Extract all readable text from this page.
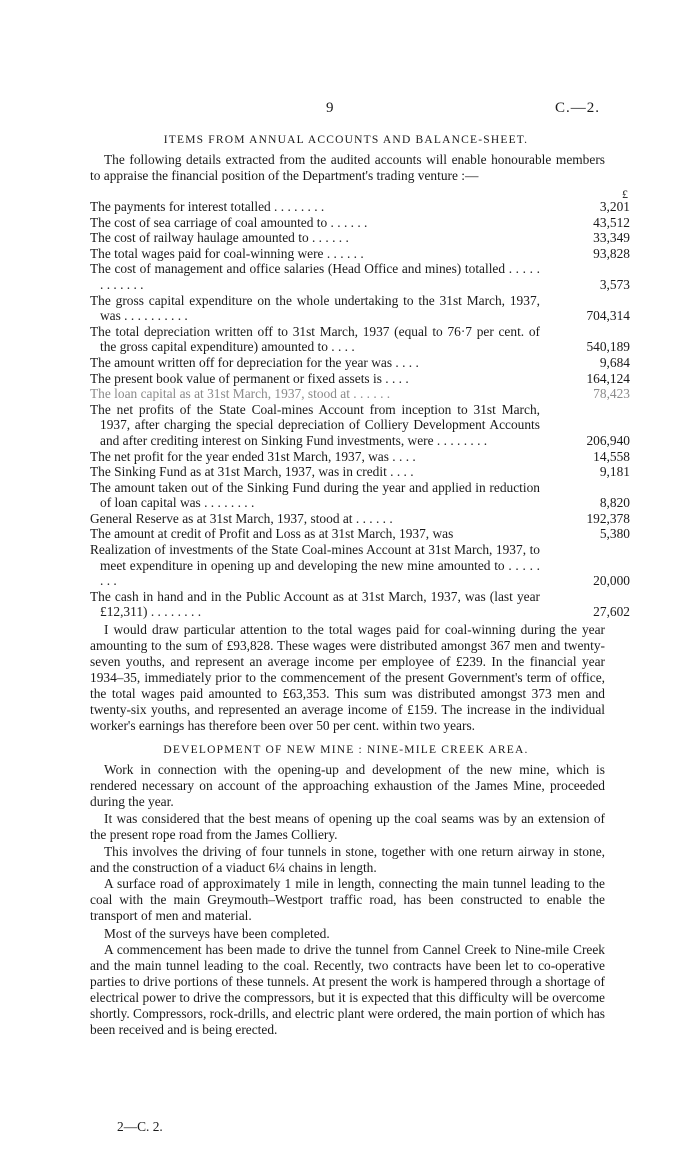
9	C.—2.
ITEMS FROM ANNUAL ACCOUNTS AND BALANCE-SHEET.
The following details extracted from the audited accounts will enable honourable members to appraise the financial position of the Department's trading venture :—
£
The payments for interest totalled . . . . . . . .	3,201
The cost of sea carriage of coal amounted to . . . . . .	43,512
The cost of railway haulage amounted to . . . . . .	33,349
The total wages paid for coal-winning were . . . . . .	93,828
The cost of management and office salaries (Head Office and mines) totalled . . . . . . . . . . . .	3,573
The gross capital expenditure on the whole undertaking to the 31st March, 1937, was . . . . . . . . . .	704,314
The total depreciation written off to 31st March, 1937 (equal to 76·7 per cent. of the gross capital expenditure) amounted to . . . .	540,189
The amount written off for depreciation for the year was . . . .	9,684
The present book value of permanent or fixed assets is . . . .	164,124
The loan capital as at 31st March, 1937, stood at . . . . . .	78,423
The net profits of the State Coal-mines Account from inception to 31st March, 1937, after charging the special depreciation of Colliery Development Accounts and after crediting interest on Sinking Fund investments, were . . . . . . . .	206,940
The net profit for the year ended 31st March, 1937, was . . . .	14,558
The Sinking Fund as at 31st March, 1937, was in credit . . . .	9,181
The amount taken out of the Sinking Fund during the year and applied in reduction of loan capital was . . . . . . . .	8,820
General Reserve as at 31st March, 1937, stood at . . . . . .	192,378
The amount at credit of Profit and Loss as at 31st March, 1937, was	5,380
Realization of investments of the State Coal-mines Account at 31st March, 1937, to meet expenditure in opening up and developing the new mine amounted to . . . . . . . .	20,000
The cash in hand and in the Public Account as at 31st March, 1937, was (last year £12,311) . . . . . . . .	27,602
I would draw particular attention to the total wages paid for coal-winning during the year amounting to the sum of £93,828. These wages were distributed amongst 367 men and twenty-seven youths, and represent an average income per employee of £239. In the financial year 1934–35, immediately prior to the commencement of the present Government's term of office, the total wages paid amounted to £63,353. This sum was distributed amongst 373 men and twenty-six youths, and represented an average income of £159. The increase in the individual worker's earnings has therefore been over 50 per cent. within two years.
DEVELOPMENT OF NEW MINE : NINE-MILE CREEK AREA.
Work in connection with the opening-up and development of the new mine, which is rendered necessary on account of the approaching exhaustion of the James Mine, proceeded during the year.
It was considered that the best means of opening up the coal seams was by an extension of the present rope road from the James Colliery.
This involves the driving of four tunnels in stone, together with one return airway in stone, and the construction of a viaduct 6¼ chains in length.
A surface road of approximately 1 mile in length, connecting the main tunnel leading to the coal with the main Greymouth–Westport traffic road, has been constructed to enable the transport of men and material.
Most of the surveys have been completed.
A commencement has been made to drive the tunnel from Cannel Creek to Nine-mile Creek and the main tunnel leading to the coal. Recently, two contracts have been let to co-operative parties to drive portions of these tunnels. At present the work is hampered through a shortage of electrical power to drive the compressors, but it is expected that this difficulty will be overcome shortly. Compressors, rock-drills, and electric plant were ordered, the main portion of which has been received and is being erected.
2—C. 2.
